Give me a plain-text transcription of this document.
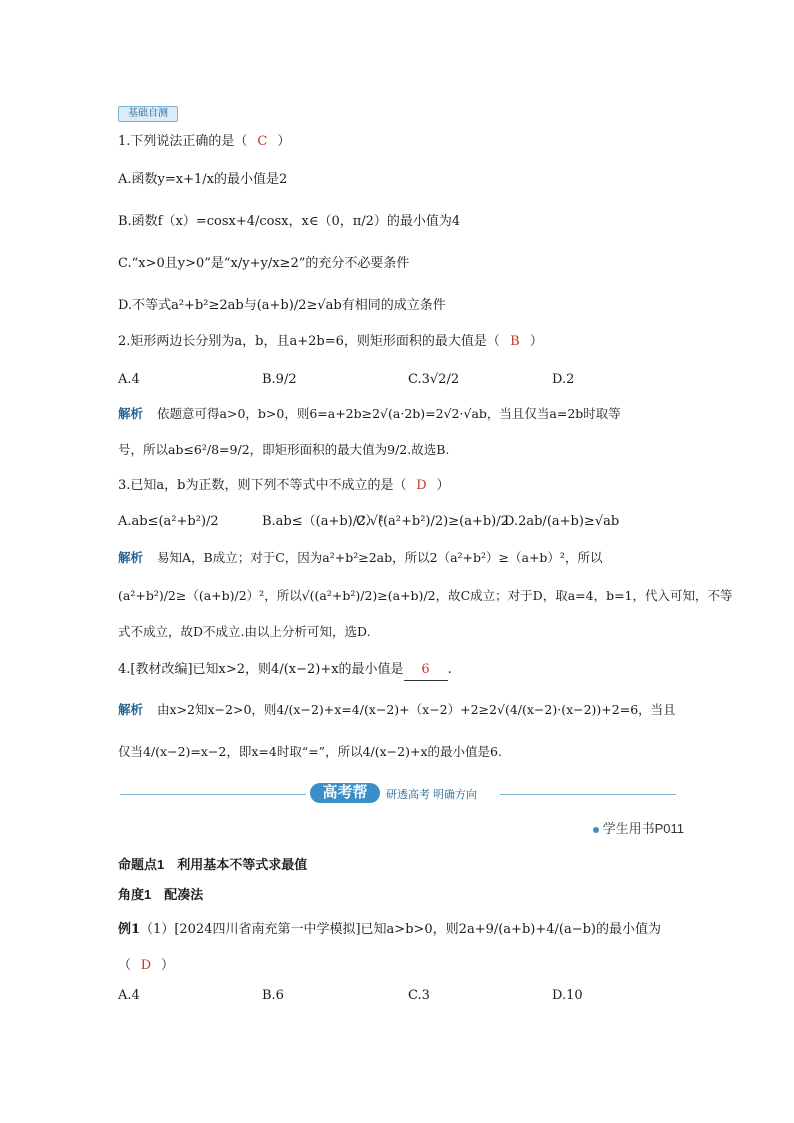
基础自测
1.下列说法正确的是（ C ）
A.函数y=x+1/x的最小值是2
B.函数f（x）=cosx+4/cosx，x∈（0，π/2）的最小值为4
C.“x>0且y>0”是“x/y+y/x≥2”的充分不必要条件
D.不等式a²+b²≥2ab与(a+b)/2≥√ab有相同的成立条件
2.矩形两边长分别为a，b，且a+2b=6，则矩形面积的最大值是（ B ）
A.4	B.9/2	C.3√2/2	D.2
解析 依题意可得a>0，b>0，则6=a+2b≥2√(a·2b)=2√2·√ab，当且仅当a=2b时取等
号，所以ab≤6²/8=9/2，即矩形面积的最大值为9/2.故选B.
3.已知a，b为正数，则下列不等式中不成立的是（ D ）
A.ab≤(a²+b²)/2	B.ab≤（(a+b)/2）²
C.√((a²+b²)/2)≥(a+b)/2
D.2ab/(a+b)≥√ab
解析 易知A，B成立；对于C，因为a²+b²≥2ab，所以2（a²+b²）≥（a+b）²，所以
(a²+b²)/2≥（(a+b)/2）²，所以√((a²+b²)/2)≥(a+b)/2，故C成立；对于D，取a=4，b=1，代入可知，不等
式不成立，故D不成立.由以上分析可知，选D.
4.[教材改编]已知x>2，则4/(x−2)+x的最小值是 6 .
解析 由x>2知x−2>0，则4/(x−2)+x=4/(x−2)+（x−2）+2≥2√(4/(x−2)·(x−2))+2=6，当且
仅当4/(x−2)=x−2，即x=4时取“=”，所以4/(x−2)+x的最小值是6.
高考帮	研透高考 明确方向
学生用书P011
命题点1　利用基本不等式求最值
角度1　配凑法
例1（1）[2024四川省南充第一中学模拟]已知a>b>0，则2a+9/(a+b)+4/(a−b)的最小值为
（ D ）
A.4	B.6	C.3	D.10
